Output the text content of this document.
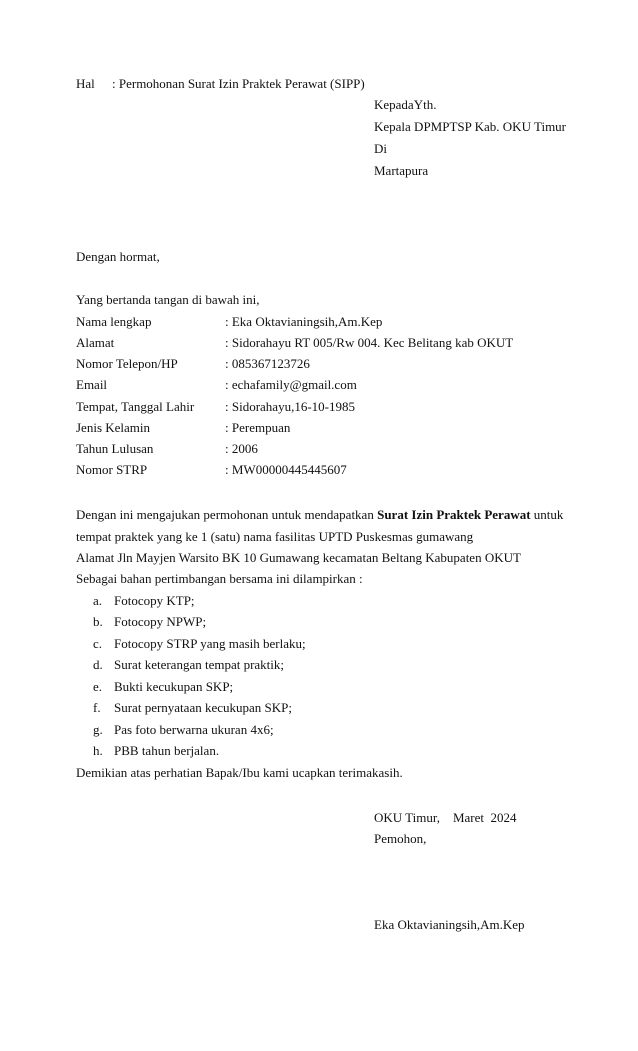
Hal : Permohonan Surat Izin Praktek Perawat (SIPP)
KepadaYth.
Kepala DPMPTSP Kab. OKU Timur
Di
Martapura
Dengan hormat,
Yang bertanda tangan di bawah ini,
Nama lengkap	: Eka Oktavianingsih,Am.Kep
Alamat	: Sidorahayu RT 005/Rw 004. Kec Belitang kab OKUT
Nomor Telepon/HP	: 085367123726
Email	: echafamily@gmail.com
Tempat, Tanggal Lahir : Sidorahayu,16-10-1985
Jenis Kelamin	: Perempuan
Tahun Lulusan	: 2006
Nomor STRP	: MW00000445445607
Dengan ini mengajukan permohonan untuk mendapatkan Surat Izin Praktek Perawat untuk
tempat praktek yang ke 1 (satu) nama fasilitas UPTD Puskesmas gumawang
Alamat Jln Mayjen Warsito BK 10 Gumawang kecamatan Beltang Kabupaten OKUT
Sebagai bahan pertimbangan bersama ini dilampirkan :
a. Fotocopy KTP;
b. Fotocopy NPWP;
c. Fotocopy STRP yang masih berlaku;
d. Surat keterangan tempat praktik;
e. Bukti kecukupan SKP;
f. Surat pernyataan kecukupan SKP;
g. Pas foto berwarna ukuran 4x6;
h. PBB tahun berjalan.
Demikian atas perhatian Bapak/Ibu kami ucapkan terimakasih.
OKU Timur,    Maret  2024
Pemohon,
Eka Oktavianingsih,Am.Kep
